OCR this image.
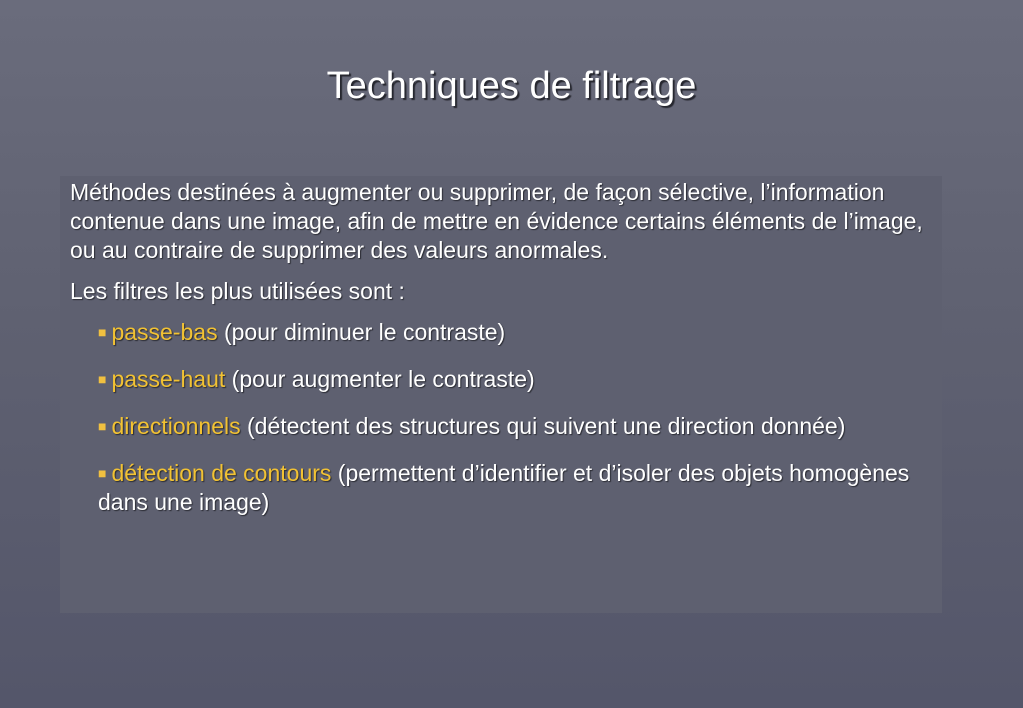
Techniques de filtrage

Méthodes destinées à augmenter ou supprimer, de façon sélective, l’information contenue dans une image, afin de mettre en évidence certains éléments de l’image, ou au contraire de supprimer des valeurs anormales.

Les filtres les plus utilisées sont :

■ passe-bas (pour diminuer le contraste)
■ passe-haut (pour augmenter le contraste)
■ directionnels (détectent des structures qui suivent une direction donnée)
■ détection de contours (permettent d’identifier et d’isoler des objets homogènes dans une image)
